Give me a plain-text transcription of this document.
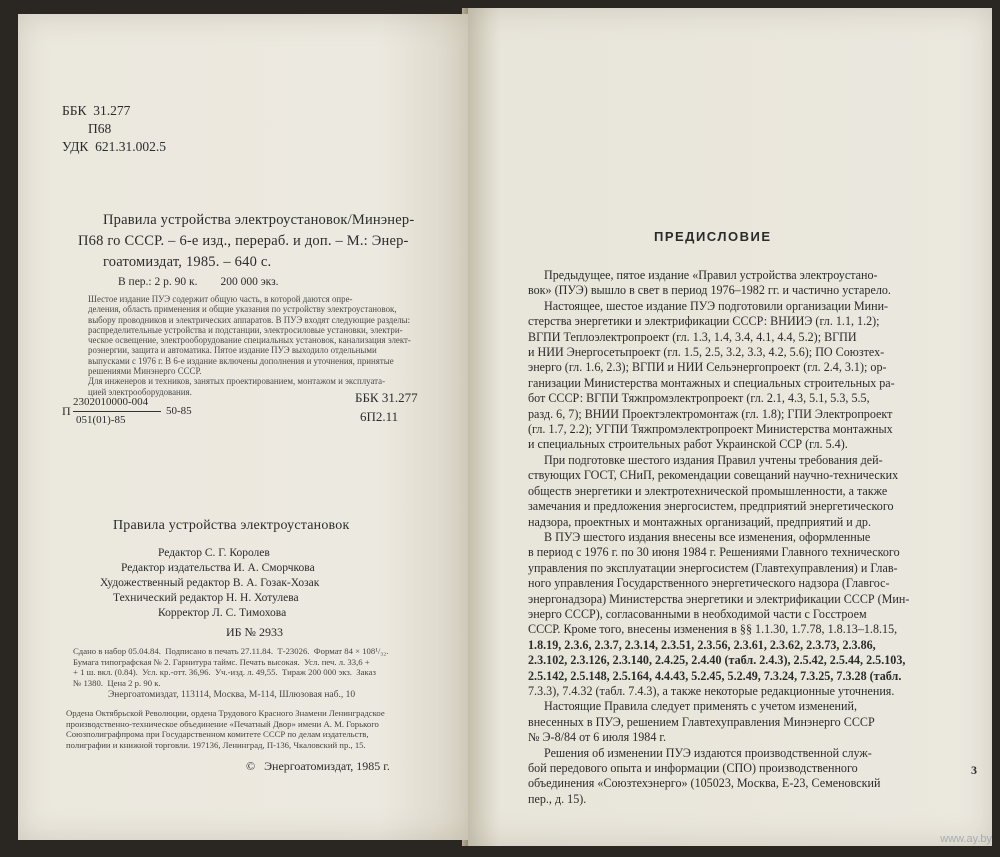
ББК  31.277
П68
УДК  621.31.002.5
Правила устройства электроустановок/Минэнер-
П68 го СССР. – 6-е изд., перераб. и доп. – М.: Энер-
гоатомиздат, 1985. – 640 с.
В пер.: 2 р. 90 к.        200 000 экз.
Шестое издание ПУЭ содержит общую часть, в которой даются опре-
деления, область применения и общие указания по устройству электроустановок,
выбору проводников и электрических аппаратов. В ПУЭ входят следующие разделы:
распределительные устройства и подстанции, электросиловые установки, электри-
ческое освещение, электрооборудование специальных установок, канализация элект-
роэнергии, защита и автоматика. Пятое издание ПУЭ выходило отдельными
выпусками с 1976 г. В 6-е издание включены дополнения и уточнения, принятые
решениями Минэнерго СССР.
Для инженеров и техников, занятых проектированием, монтажом и эксплуата-
цией электрооборудования.
П
2302010000-004
50-85
051(01)-85
ББК 31.277
6П2.11
Правила устройства электроустановок
Редактор С. Г. Королев
Редактор издательства И. А. Сморчкова
Художественный редактор В. А. Гозак-Хозак
Технический редактор Н. Н. Хотулева
Корректор Л. С. Тимохова
ИБ № 2933
Сдано в набор 05.04.84.  Подписано в печать 27.11.84.  Т-23026.  Формат 84 × 108¹/₃₂.
Бумага типографская № 2. Гарнитура таймс. Печать высокая.  Усл. печ. л. 33,6 +
+ 1 ш. вкл. (0.84).  Усл. кр.-отт. 36,96.  Уч.-изд. л. 49,55.  Тираж 200 000 экз.  Заказ
№ 1380.  Цена 2 р. 90 к.
Энергоатомиздат, 113114, Москва, М-114, Шлюзовая наб., 10
Ордена Октябрьской Революции, ордена Трудового Красного Знамени Ленинградское
производственно-техническое объединение «Печатный Двор» имени А. М. Горького
Союзполиграфпрома при Государственном комитете СССР по делам издательств,
полиграфии и книжной торговли. 197136, Ленинград, П-136, Чкаловский пр., 15.
©   Энергоатомиздат, 1985 г.
ПРЕДИСЛОВИЕ
Предыдущее, пятое издание «Правил устройства электроустано-
вок» (ПУЭ) вышло в свет в период 1976–1982 гг. и частично устарело.
Настоящее, шестое издание ПУЭ подготовили организации Мини-
стерства энергетики и электрификации СССР: ВНИИЭ (гл. 1.1, 1.2);
ВГПИ Теплоэлектропроект (гл. 1.3, 1.4, 3.4, 4.1, 4.4, 5.2); ВГПИ
и НИИ Энергосетьпроект (гл. 1.5, 2.5, 3.2, 3.3, 4.2, 5.6); ПО Союзтех-
энерго (гл. 1.6, 2.3); ВГПИ и НИИ Сельэнергопроект (гл. 2.4, 3.1); ор-
ганизации Министерства монтажных и специальных строительных ра-
бот СССР: ВГПИ Тяжпромэлектропроект (гл. 2.1, 4.3, 5.1, 5.3, 5.5,
разд. 6, 7); ВНИИ Проектэлектромонтаж (гл. 1.8); ГПИ Электропроект
(гл. 1.7, 2.2); УГПИ Тяжпромэлектропроект Министерства монтажных
и специальных строительных работ Украинской ССР (гл. 5.4).
При подготовке шестого издания Правил учтены требования дей-
ствующих ГОСТ, СНиП, рекомендации совещаний научно-технических
обществ энергетики и электротехнической промышленности, а также
замечания и предложения энергосистем, предприятий энергетического
надзора, проектных и монтажных организаций, предприятий и др.
В ПУЭ шестого издания внесены все изменения, оформленные
в период с 1976 г. по 30 июня 1984 г. Решениями Главного технического
управления по эксплуатации энергосистем (Главтехуправления) и Глав-
ного управления Государственного энергетического надзора (Главгос-
энергонадзора) Министерства энергетики и электрификации СССР (Мин-
энерго СССР), согласованными в необходимой части с Госстроем
СССР. Кроме того, внесены изменения в §§ 1.1.30, 1.7.78, 1.8.13–1.8.15,
1.8.19, 2.3.6, 2.3.7, 2.3.14, 2.3.51, 2.3.56, 2.3.61, 2.3.62, 2.3.73, 2.3.86,
2.3.102, 2.3.126, 2.3.140, 2.4.25, 2.4.40 (табл. 2.4.3), 2.5.42, 2.5.44, 2.5.103,
2.5.142, 2.5.148, 2.5.164, 4.4.43, 5.2.45, 5.2.49, 7.3.24, 7.3.25, 7.3.28 (табл.
7.3.3), 7.4.32 (табл. 7.4.3), а также некоторые редакционные уточнения.
Настоящие Правила следует применять с учетом изменений,
внесенных в ПУЭ, решением Главтехуправления Минэнерго СССР
№ Э-8/84 от 6 июля 1984 г.
Решения об изменении ПУЭ издаются производственной служ-
бой передового опыта и информации (СПО) производственного
объединения «Союзтехэнерго» (105023, Москва, Е-23, Семеновский
пер., д. 15).
3
www.ay.by
